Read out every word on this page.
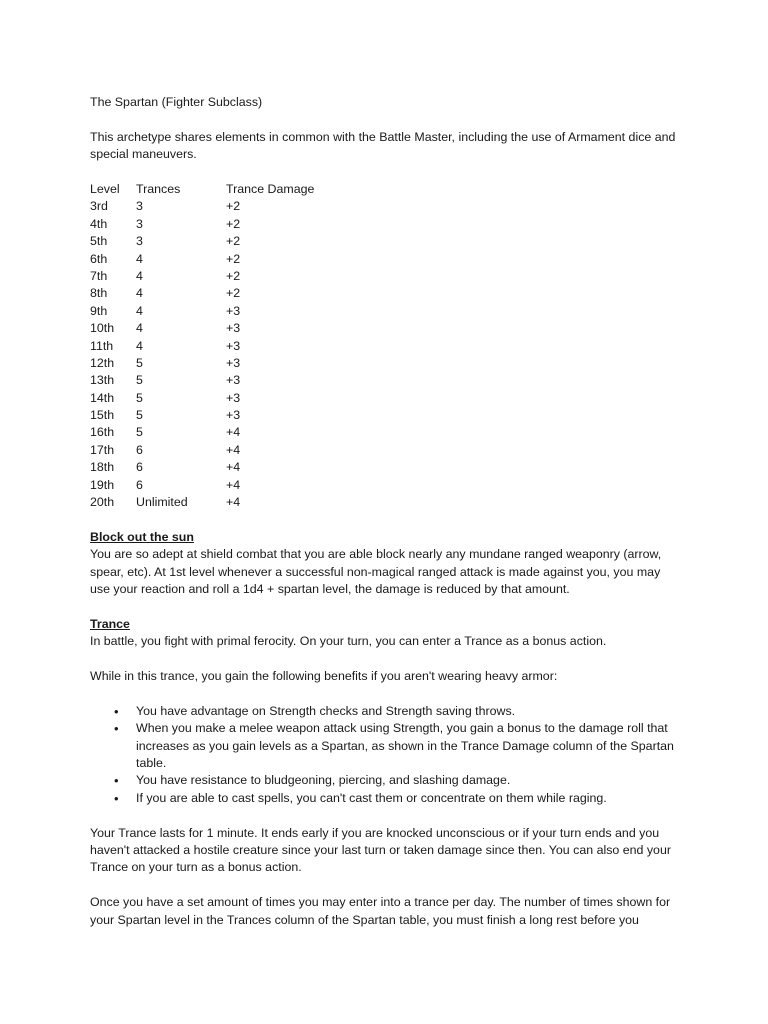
The Spartan (Fighter Subclass)

This archetype shares elements in common with the Battle Master, including the use of Armament dice and special maneuvers.

Level	Trances	Trance Damage
3rd	3	+2
4th	3	+2
5th	3	+2
6th	4	+2
7th	4	+2
8th	4	+2
9th	4	+3
10th	4	+3
11th	4	+3
12th	5	+3
13th	5	+3
14th	5	+3
15th	5	+3
16th	5	+4
17th	6	+4
18th	6	+4
19th	6	+4
20th	Unlimited	+4

Block out the sun

You are so adept at shield combat that you are able block nearly any mundane ranged weaponry (arrow, spear, etc). At 1st level whenever a successful non-magical ranged attack is made against you, you may use your reaction and roll a 1d4 + spartan level, the damage is reduced by that amount.

Trance

In battle, you fight with primal ferocity. On your turn, you can enter a Trance as a bonus action.

While in this trance, you gain the following benefits if you aren't wearing heavy armor:

• You have advantage on Strength checks and Strength saving throws.
• When you make a melee weapon attack using Strength, you gain a bonus to the damage roll that increases as you gain levels as a Spartan, as shown in the Trance Damage column of the Spartan table.
• You have resistance to bludgeoning, piercing, and slashing damage.
• If you are able to cast spells, you can't cast them or concentrate on them while raging.

Your Trance lasts for 1 minute. It ends early if you are knocked unconscious or if your turn ends and you haven't attacked a hostile creature since your last turn or taken damage since then. You can also end your Trance on your turn as a bonus action.

Once you have a set amount of times you may enter into a trance per day. The number of times shown for your Spartan level in the Trances column of the Spartan table, you must finish a long rest before you
